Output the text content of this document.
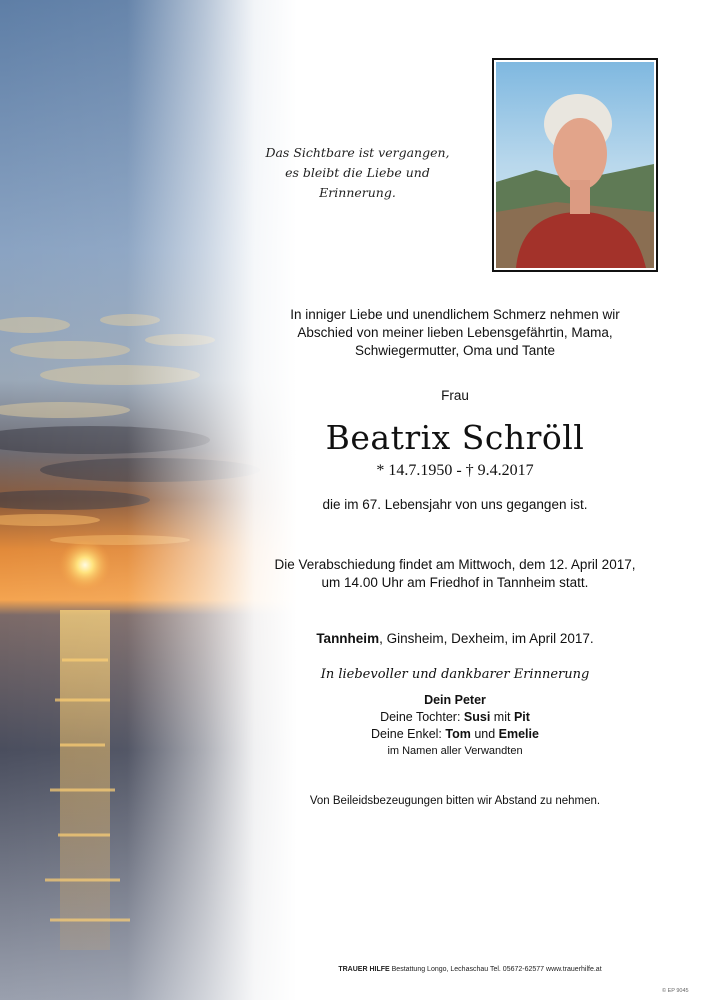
Das Sichtbare ist vergangen,
es bleibt die Liebe und Erinnerung.
In inniger Liebe und unendlichem Schmerz nehmen wir
Abschied von meiner lieben Lebensgefährtin, Mama,
Schwiegermutter, Oma und Tante
Frau
Beatrix Schröll
* 14.7.1950 - † 9.4.2017
die im 67. Lebensjahr von uns gegangen ist.
Die Verabschiedung findet am Mittwoch, dem 12. April 2017,
um 14.00 Uhr am Friedhof in Tannheim statt.
Tannheim, Ginsheim, Dexheim, im April 2017.
In liebevoller und dankbarer Erinnerung
Dein Peter
Deine Tochter: Susi mit Pit
Deine Enkel: Tom und Emelie
im Namen aller Verwandten
Von Beileidsbezeugungen bitten wir Abstand zu nehmen.
TRAUER HILFE Bestattung Longo, Lechaschau Tel. 05672-62577 www.trauerhilfe.at
© EP 9045
